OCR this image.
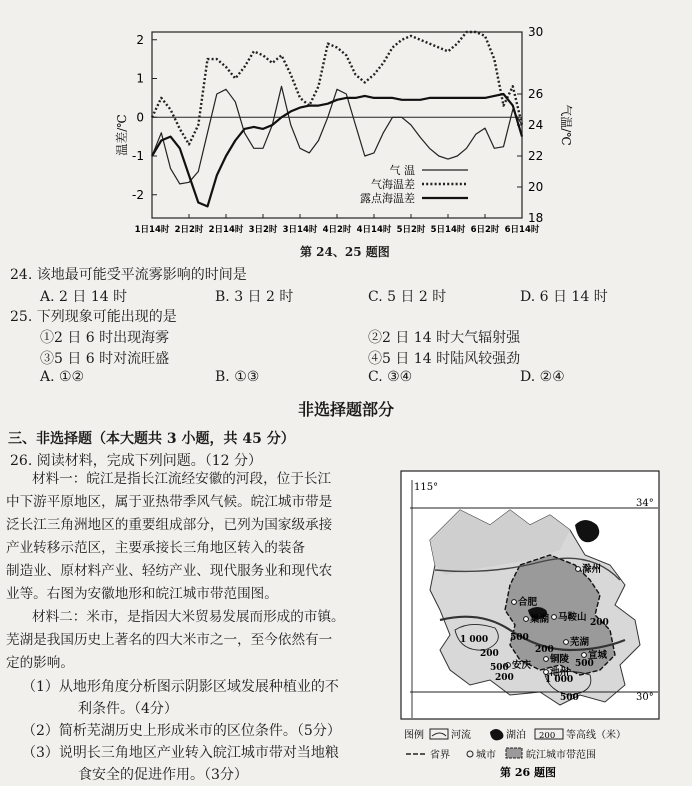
2
1
0
-1
-2
30
26
24
22
20
18
1日14时 2日2时 2日14时 3日2时 3日14时 4日2时 4日14时 5日2时 5日14时 6日2时 6日14时
温差/℃	气温/℃
气 温
气海温差
露点海温差
第 24、25 题图
24. 该地最可能受平流雾影响的时间是
A. 2 日 14 时	B. 3 日 2 时	C. 5 日 2 时	D. 6 日 14 时
25. 下列现象可能出现的是
①2 日 6 时出现海雾	②2 日 14 时大气辐射强
③5 日 6 时对流旺盛	④5 日 14 时陆风较强劲
A. ①②	B. ①③	C. ③④	D. ②④
非选择题部分
三、非选择题（本大题共 3 小题，共 45 分）
26. 阅读材料，完成下列问题。（12 分）
材料一：皖江是指长江流经安徽的河段，位于长江
中下游平原地区，属于亚热带季风气候。皖江城市带是
泛长江三角洲地区的重要组成部分，已列为国家级承接
产业转移示范区，主要承接长三角地区转入的装备
制造业、原材料产业、轻纺产业、现代服务业和现代农
业等。右图为安徽地形和皖江城市带范围图。
材料二：米市，是指因大米贸易发展而形成的市镇。
芜湖是我国历史上著名的四大米市之一，至今依然有一
定的影响。
（1）从地形角度分析图示阴影区域发展种植业的不
利条件。（4分）
（2）简析芜湖历史上形成米市的区位条件。（5分）
（3）说明长三角地区产业转入皖江城市带对当地粮
食安全的促进作用。（3分）
115°
34°
30°
滁州
合肥
巢湖 马鞍山
芜湖
宣城
铜陵
池州
安庆
1 000 500
200
200
500
200
1 000
500
200
500
图例	河流	湖泊 200 等高线（米）
省界	城市	皖江城市带范围
第 26 题图
